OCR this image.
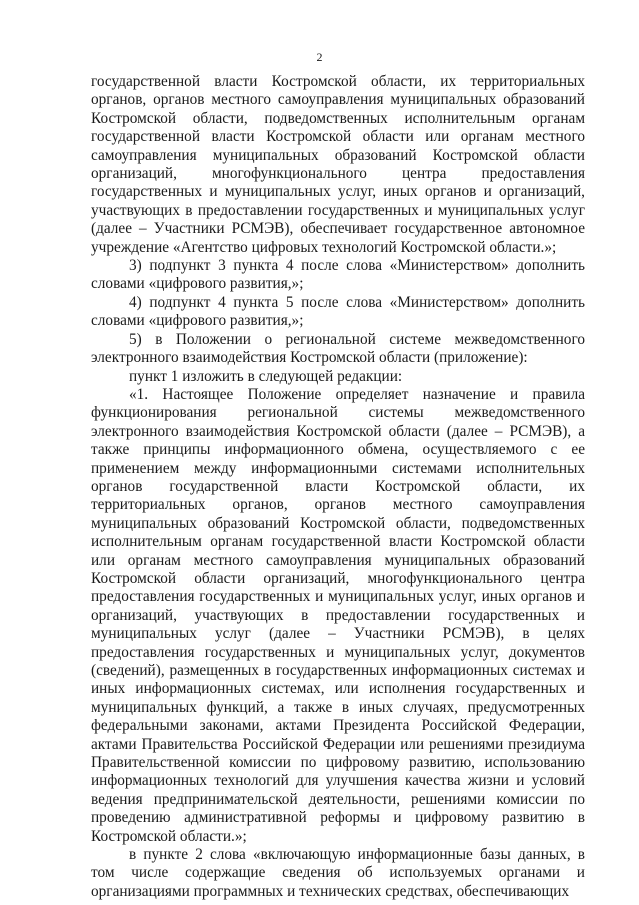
2

государственной власти Костромской области, их территориальных органов, органов местного самоуправления муниципальных образований Костромской области, подведомственных исполнительным органам государственной власти Костромской области или органам местного самоуправления муниципальных образований Костромской области организаций, многофункционального центра предоставления государственных и муниципальных услуг, иных органов и организаций, участвующих в предоставлении государственных и муниципальных услуг (далее – Участники РСМЭВ), обеспечивает государственное автономное учреждение «Агентство цифровых технологий Костромской области.»;

3) подпункт 3 пункта 4 после слова «Министерством» дополнить словами «цифрового развития,»;

4) подпункт 4 пункта 5 после слова «Министерством» дополнить словами «цифрового развития,»;

5) в Положении о региональной системе межведомственного электронного взаимодействия Костромской области (приложение):

пункт 1 изложить в следующей редакции:

«1. Настоящее Положение определяет назначение и правила функционирования региональной системы межведомственного электронного взаимодействия Костромской области (далее – РСМЭВ), а также принципы информационного обмена, осуществляемого с ее применением между информационными системами исполнительных органов государственной власти Костромской области, их территориальных органов, органов местного самоуправления муниципальных образований Костромской области, подведомственных исполнительным органам государственной власти Костромской области или органам местного самоуправления муниципальных образований Костромской области организаций, многофункционального центра предоставления государственных и муниципальных услуг, иных органов и организаций, участвующих в предоставлении государственных и муниципальных услуг (далее – Участники РСМЭВ), в целях предоставления государственных и муниципальных услуг, документов (сведений), размещенных в государственных информационных системах и иных информационных системах, или исполнения государственных и муниципальных функций, а также в иных случаях, предусмотренных федеральными законами, актами Президента Российской Федерации, актами Правительства Российской Федерации или решениями президиума Правительственной комиссии по цифровому развитию, использованию информационных технологий для улучшения качества жизни и условий ведения предпринимательской деятельности, решениями комиссии по проведению административной реформы и цифровому развитию в Костромской области.»;

в пункте 2 слова «включающую информационные базы данных, в том числе содержащие сведения об используемых органами и организациями программных и технических средствах, обеспечивающих
